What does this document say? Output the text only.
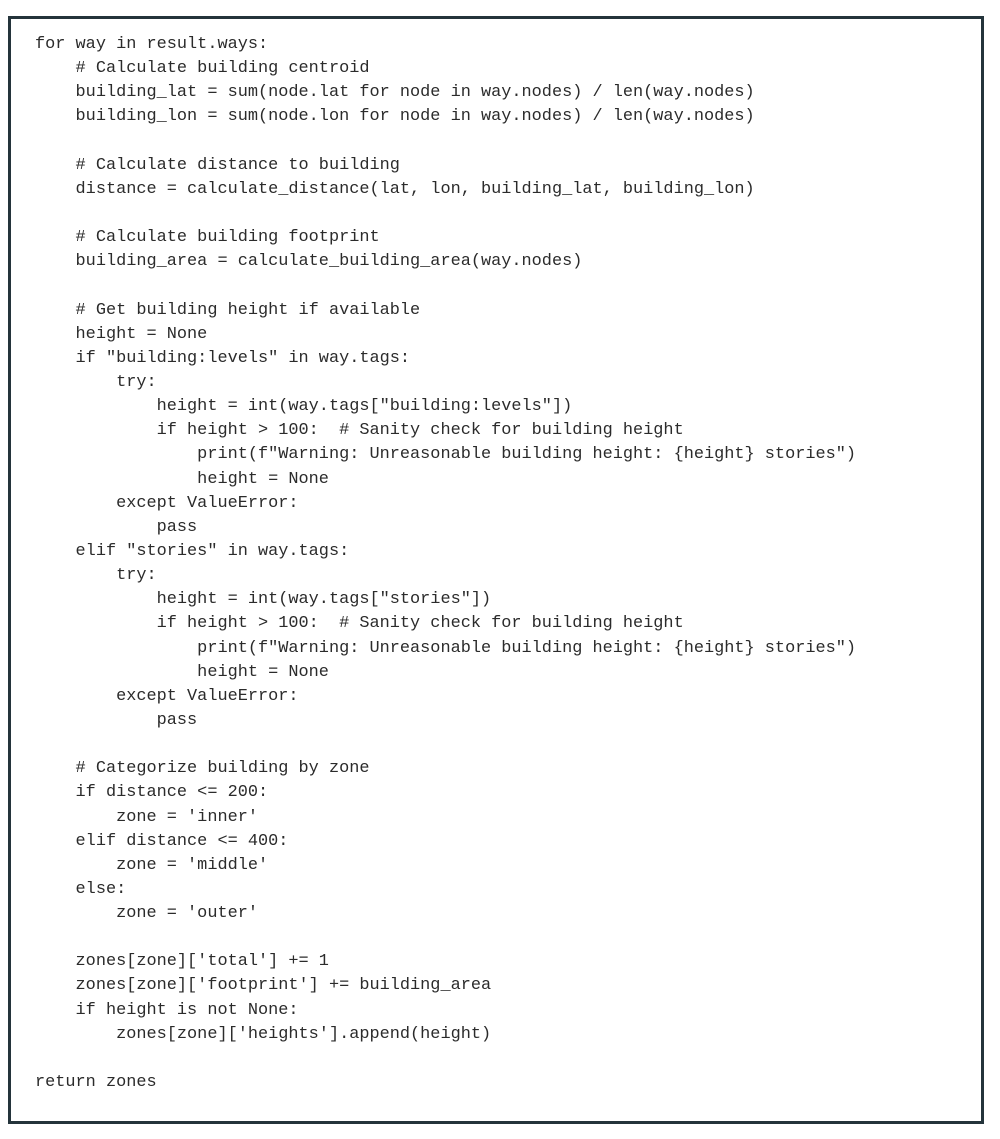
for way in result.ways:
# Calculate building centroid
building_lat = sum(node.lat for node in way.nodes) / len(way.nodes)
building_lon = sum(node.lon for node in way.nodes) / len(way.nodes)
# Calculate distance to building
distance = calculate_distance(lat, lon, building_lat, building_lon)
# Calculate building footprint
building_area = calculate_building_area(way.nodes)
# Get building height if available
height = None
if "building:levels" in way.tags:
try:
height = int(way.tags["building:levels"])
if height > 100:  # Sanity check for building height
print(f"Warning: Unreasonable building height: {height} stories")
height = None
except ValueError:
pass
elif "stories" in way.tags:
try:
height = int(way.tags["stories"])
if height > 100:  # Sanity check for building height
print(f"Warning: Unreasonable building height: {height} stories")
height = None
except ValueError:
pass
# Categorize building by zone
if distance <= 200:
zone = 'inner'
elif distance <= 400:
zone = 'middle'
else:
zone = 'outer'
zones[zone]['total'] += 1
zones[zone]['footprint'] += building_area
if height is not None:
zones[zone]['heights'].append(height)
return zones
